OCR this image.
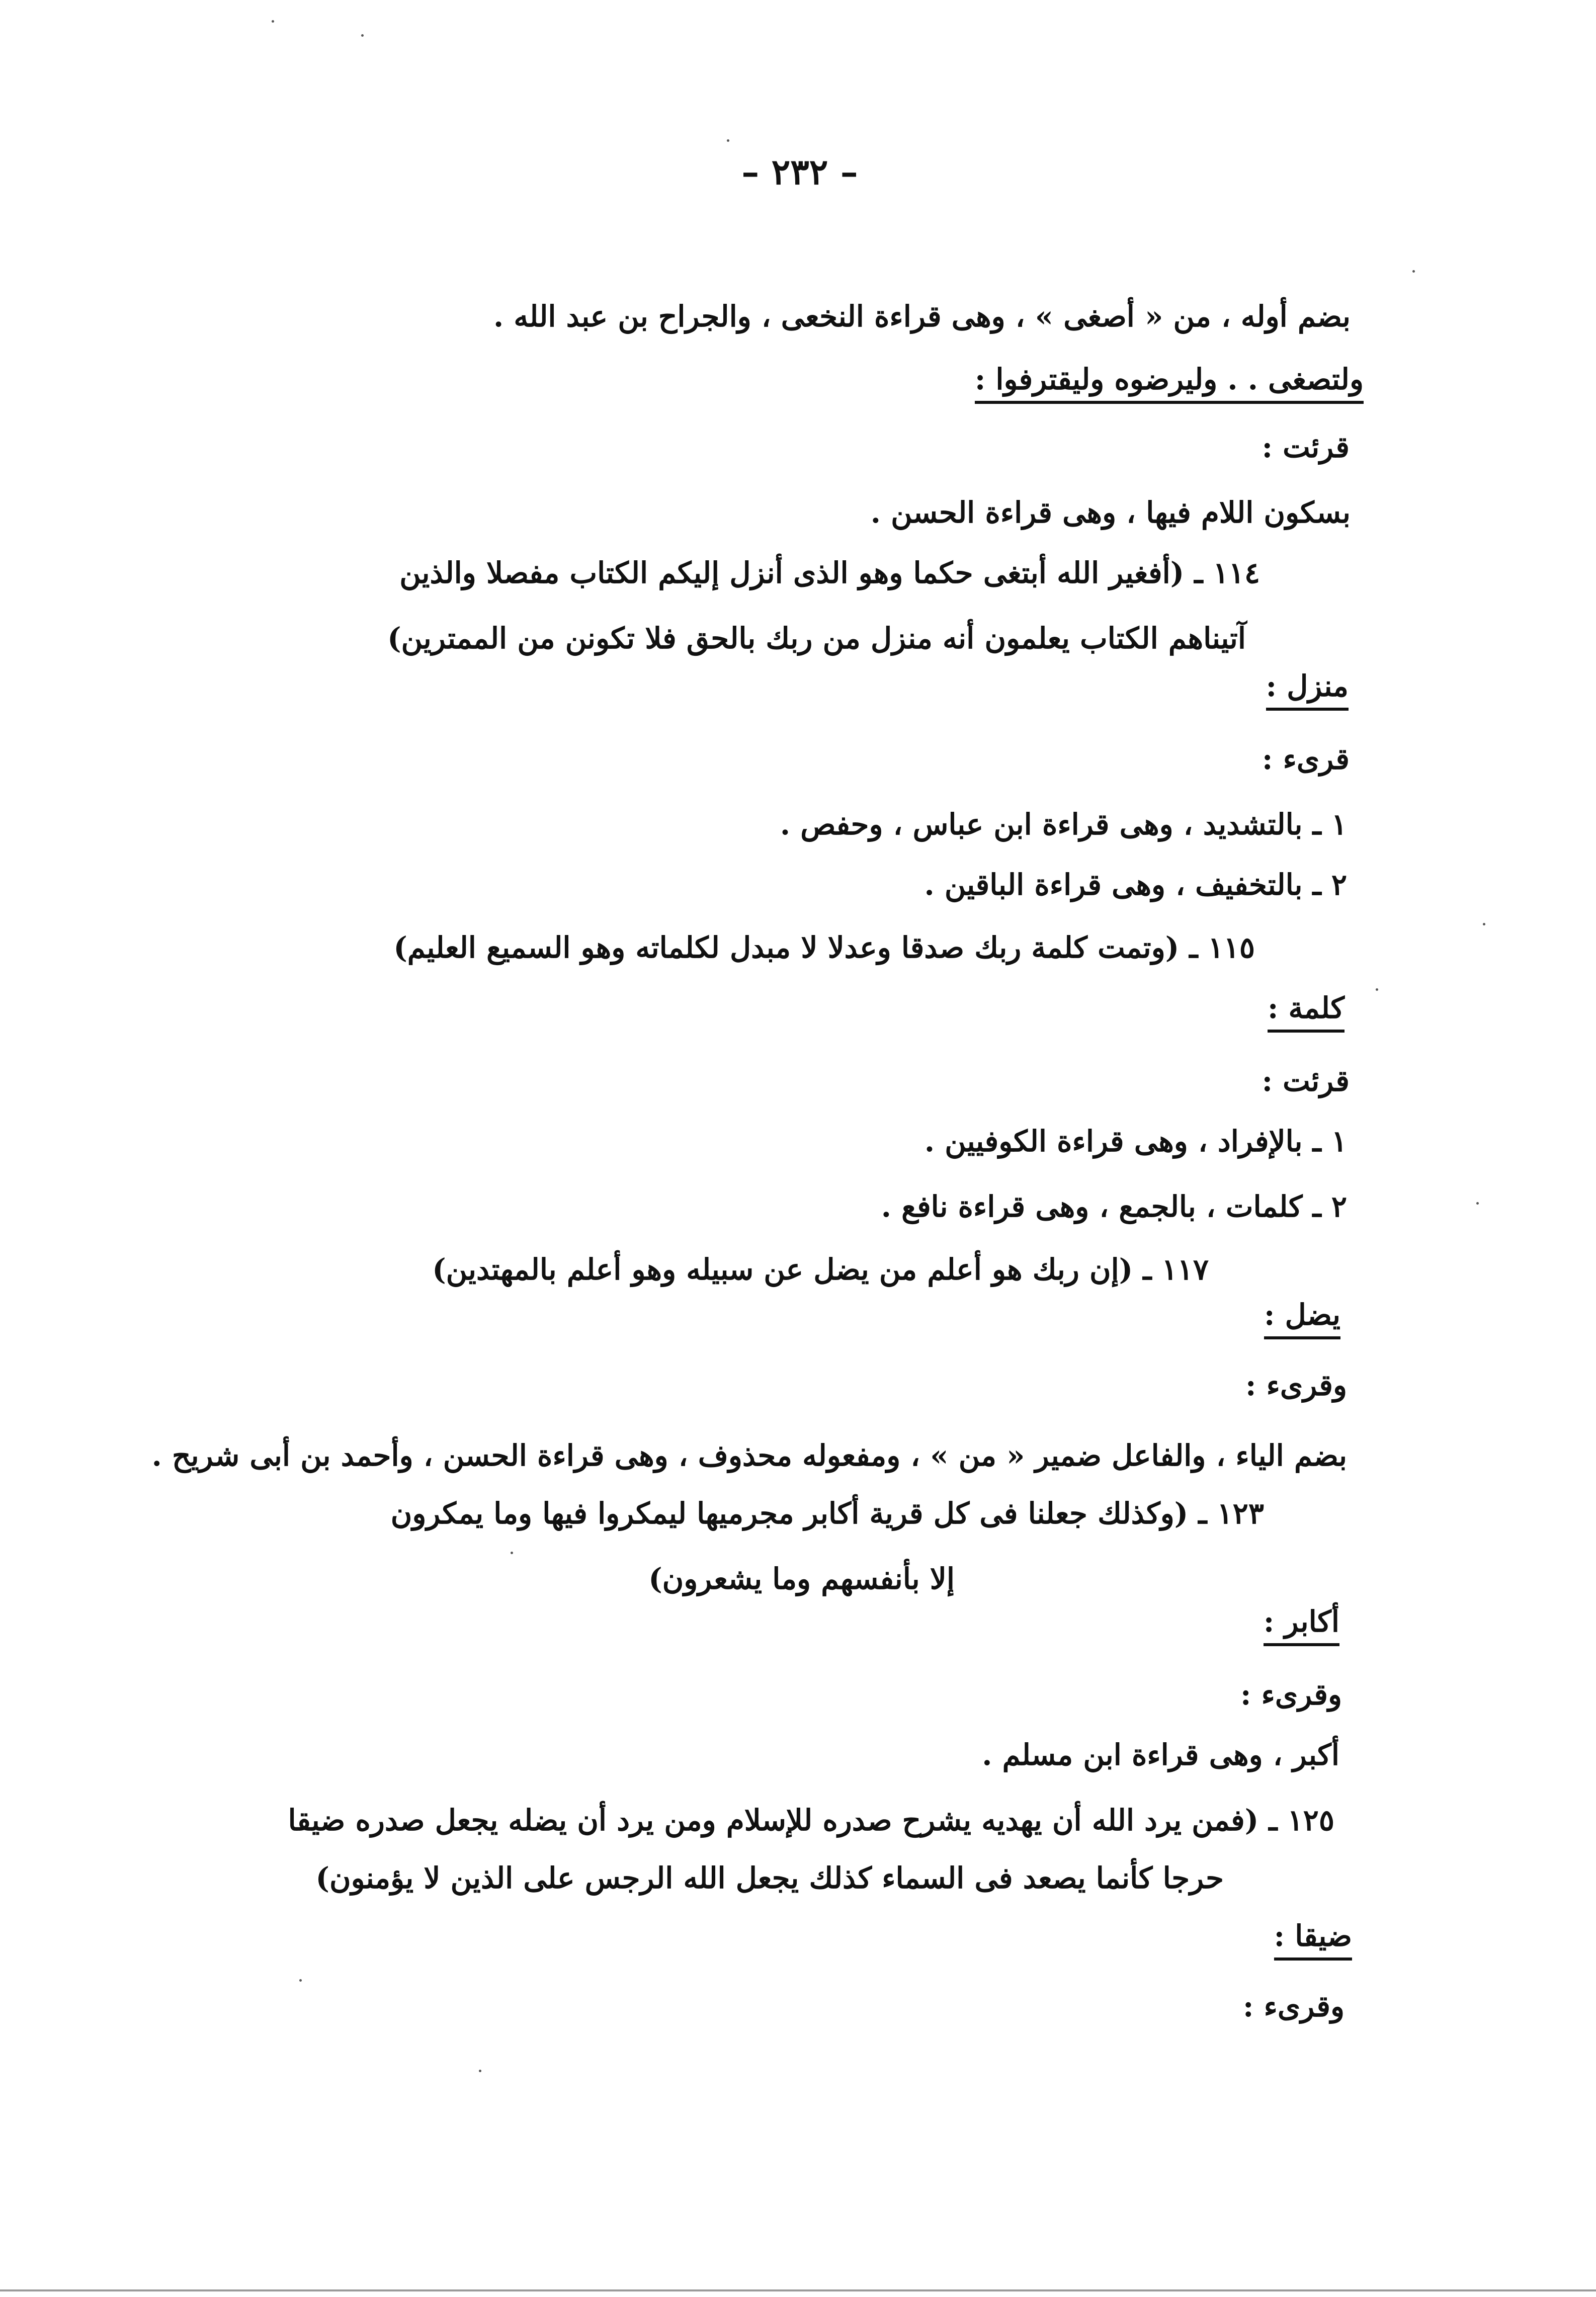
– ٢٣٢ –
بضم أوله ، من « أصغى » ، وهى قراءة النخعى ، والجراح بن عبد الله .
ولتصغى . . وليرضوه وليقترفوا :
قرئت :
بسكون اللام فيها ، وهى قراءة الحسن .
١١٤ ـ (أفغير الله أبتغى حكما وهو الذى أنزل إليكم الكتاب مفصلا والذين
آتيناهم الكتاب يعلمون أنه منزل من ربك بالحق فلا تكونن من الممترين)
منزل :
قرىء :
١ ـ بالتشديد ، وهى قراءة ابن عباس ، وحفص .
٢ ـ بالتخفيف ، وهى قراءة الباقين .
١١٥ ـ (وتمت كلمة ربك صدقا وعدلا لا مبدل لكلماته وهو السميع العليم)
كلمة :
قرئت :
١ ـ بالإفراد ، وهى قراءة الكوفيين .
٢ ـ كلمات ، بالجمع ، وهى قراءة نافع .
١١٧ ـ (إن ربك هو أعلم من يضل عن سبيله وهو أعلم بالمهتدين)
يضل :
وقرىء :
بضم الياء ، والفاعل ضمير « من » ، ومفعوله محذوف ، وهى قراءة الحسن ، وأحمد بن أبى شريح .
١٢٣ ـ (وكذلك جعلنا فى كل قرية أكابر مجرميها ليمكروا فيها وما يمكرون
إلا بأنفسهم وما يشعرون)
أكابر :
وقرىء :
أكبر ، وهى قراءة ابن مسلم .
١٢٥ ـ (فمن يرد الله أن يهديه يشرح صدره للإسلام ومن يرد أن يضله يجعل صدره ضيقا
حرجا كأنما يصعد فى السماء كذلك يجعل الله الرجس على الذين لا يؤمنون)
ضيقا :
وقرىء :
